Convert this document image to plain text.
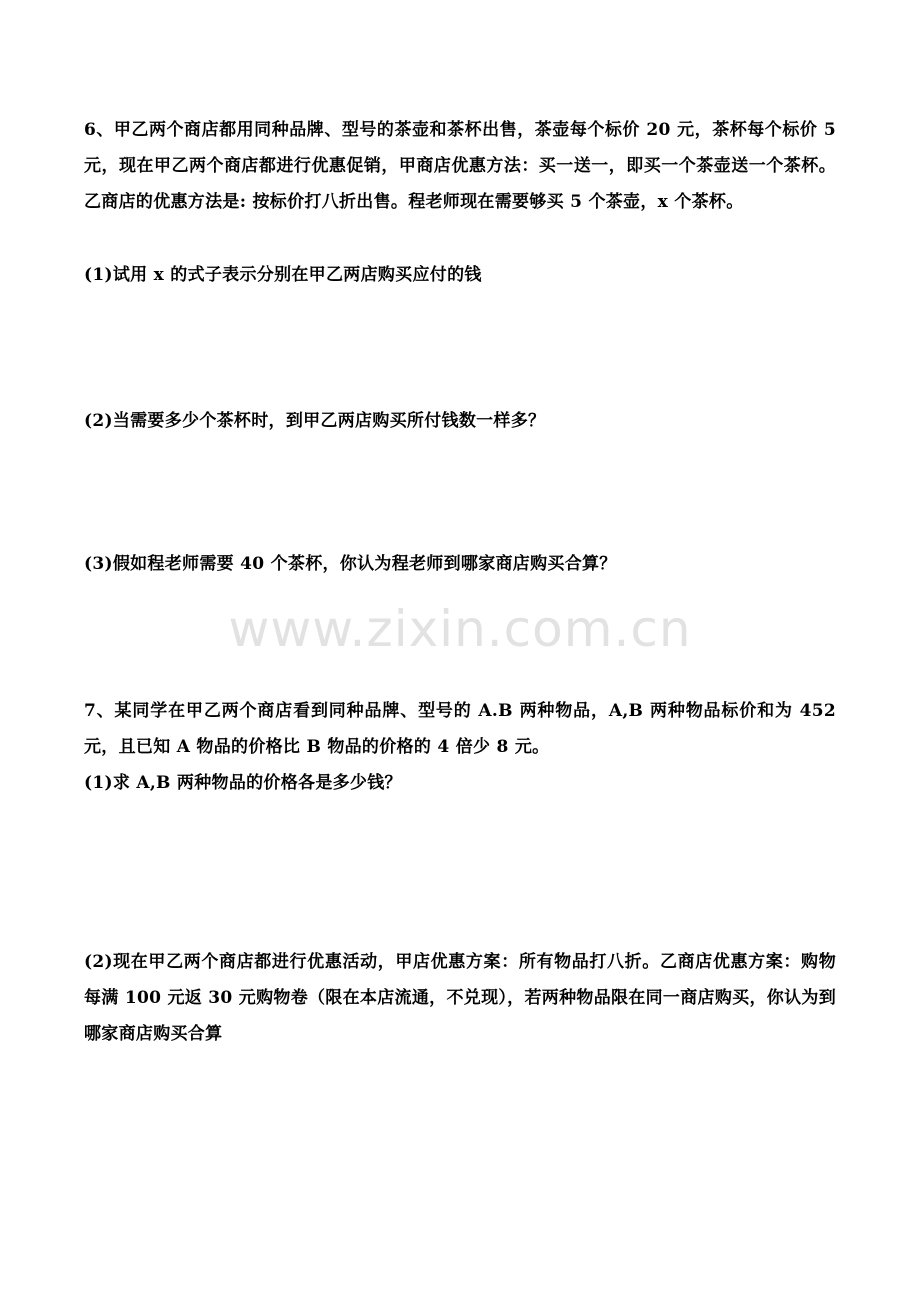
6、甲乙两个商店都用同种品牌、型号的茶壶和茶杯出售，茶壶每个标价 20 元，茶杯每个标价 5 元，现在甲乙两个商店都进行优惠促销，甲商店优惠方法：买一送一，即买一个茶壶送一个茶杯。乙商店的优惠方法是: 按标价打八折出售。程老师现在需要够买 5 个茶壶，x 个茶杯。

(1)试用 x 的式子表示分别在甲乙两店购买应付的钱

(2)当需要多少个茶杯时，到甲乙两店购买所付钱数一样多？

(3)假如程老师需要 40 个茶杯，你认为程老师到哪家商店购买合算？

www.zixin.com.cn

7、某同学在甲乙两个商店看到同种品牌、型号的 A.B 两种物品，A,B 两种物品标价和为 452 元，且已知 A 物品的价格比 B 物品的价格的 4 倍少 8 元。

(1)求 A,B 两种物品的价格各是多少钱？

(2)现在甲乙两个商店都进行优惠活动，甲店优惠方案：所有物品打八折。乙商店优惠方案：购物每满 100 元返 30 元购物卷（限在本店流通，不兑现），若两种物品限在同一商店购买，你认为到哪家商店购买合算
